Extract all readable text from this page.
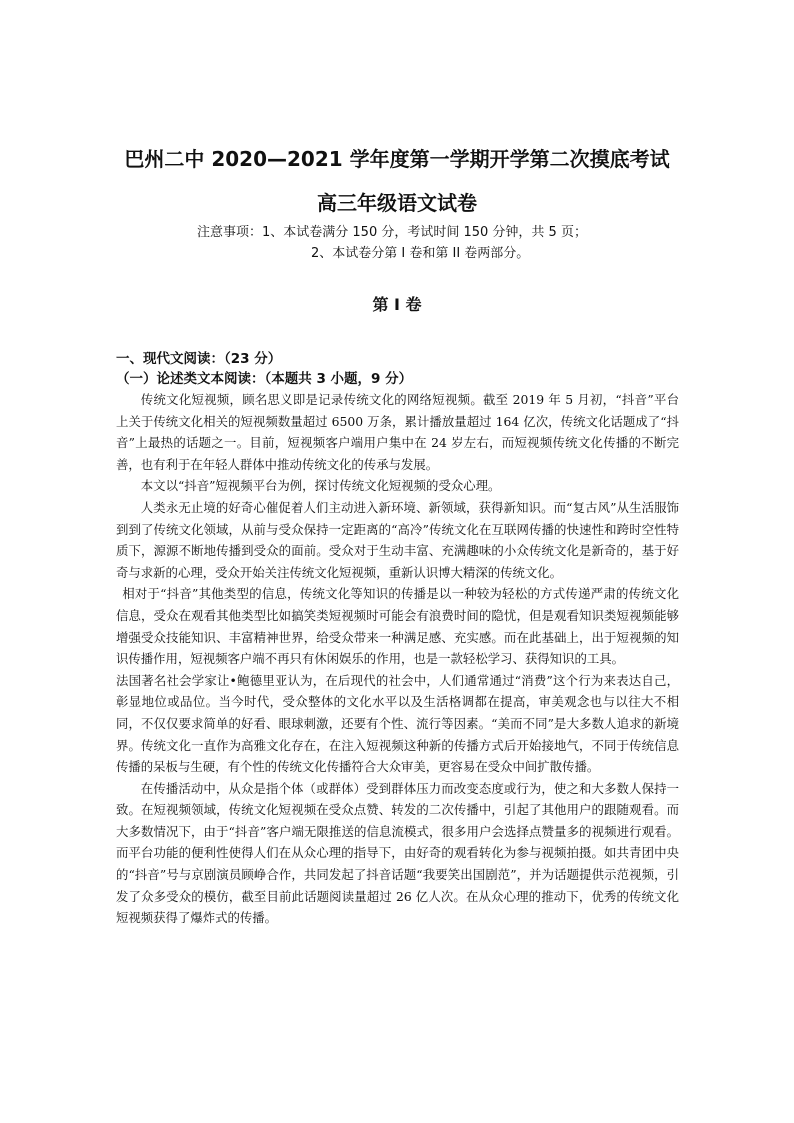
巴州二中 2020—2021 学年度第一学期开学第二次摸底考试
高三年级语文试卷
注意事项：1、本试卷满分 150 分，考试时间 150 分钟，共 5 页；
2、本试卷分第 I 卷和第 II 卷两部分。
第 I 卷
一、现代文阅读：（23 分）
（一）论述类文本阅读：（本题共 3 小题，9 分）

传统文化短视频，顾名思义即是记录传统文化的网络短视频。截至 2019 年 5 月初，“抖音”平台上关于传统文化相关的短视频数量超过 6500 万条，累计播放量超过 164 亿次，传统文化话题成了“抖音”上最热的话题之一。目前，短视频客户端用户集中在 24 岁左右，而短视频传统文化传播的不断完善，也有利于在年轻人群体中推动传统文化的传承与发展。

本文以“抖音”短视频平台为例，探讨传统文化短视频的受众心理。

人类永无止境的好奇心催促着人们主动进入新环境、新领域，获得新知识。而“复古风”从生活服饰到到了传统文化领域，从前与受众保持一定距离的“高冷”传统文化在互联网传播的快速性和跨时空性特质下，源源不断地传播到受众的面前。受众对于生动丰富、充满趣味的小众传统文化是新奇的，基于好奇与求新的心理，受众开始关注传统文化短视频，重新认识博大精深的传统文化。

相对于“抖音”其他类型的信息，传统文化等知识的传播是以一种较为轻松的方式传递严肃的传统文化信息，受众在观看其他类型比如搞笑类短视频时可能会有浪费时间的隐忧，但是观看知识类短视频能够增强受众技能知识、丰富精神世界，给受众带来一种满足感、充实感。而在此基础上，出于短视频的知识传播作用，短视频客户端不再只有休闲娱乐的作用，也是一款轻松学习、获得知识的工具。

法国著名社会学家让•鲍德里亚认为，在后现代的社会中，人们通常通过“消费”这个行为来表达自己，彰显地位或品位。当今时代，受众整体的文化水平以及生活格调都在提高，审美观念也与以往大不相同，不仅仅要求简单的好看、眼球刺激，还要有个性、流行等因素。“美而不同”是大多数人追求的新境界。传统文化一直作为高雅文化存在，在注入短视频这种新的传播方式后开始接地气，不同于传统信息传播的呆板与生硬，有个性的传统文化传播符合大众审美，更容易在受众中间扩散传播。

在传播活动中，从众是指个体（或群体）受到群体压力而改变态度或行为，使之和大多数人保持一致。在短视频领域，传统文化短视频在受众点赞、转发的二次传播中，引起了其他用户的跟随观看。而大多数情况下，由于“抖音”客户端无限推送的信息流模式，很多用户会选择点赞量多的视频进行观看。而平台功能的便利性使得人们在从众心理的指导下，由好奇的观看转化为参与视频拍摄。如共青团中央的“抖音”号与京剧演员顾峥合作，共同发起了抖音话题“我要笑出国剧范”，并为话题提供示范视频，引发了众多受众的模仿，截至目前此话题阅读量超过 26 亿人次。在从众心理的推动下，优秀的传统文化短视频获得了爆炸式的传播。
